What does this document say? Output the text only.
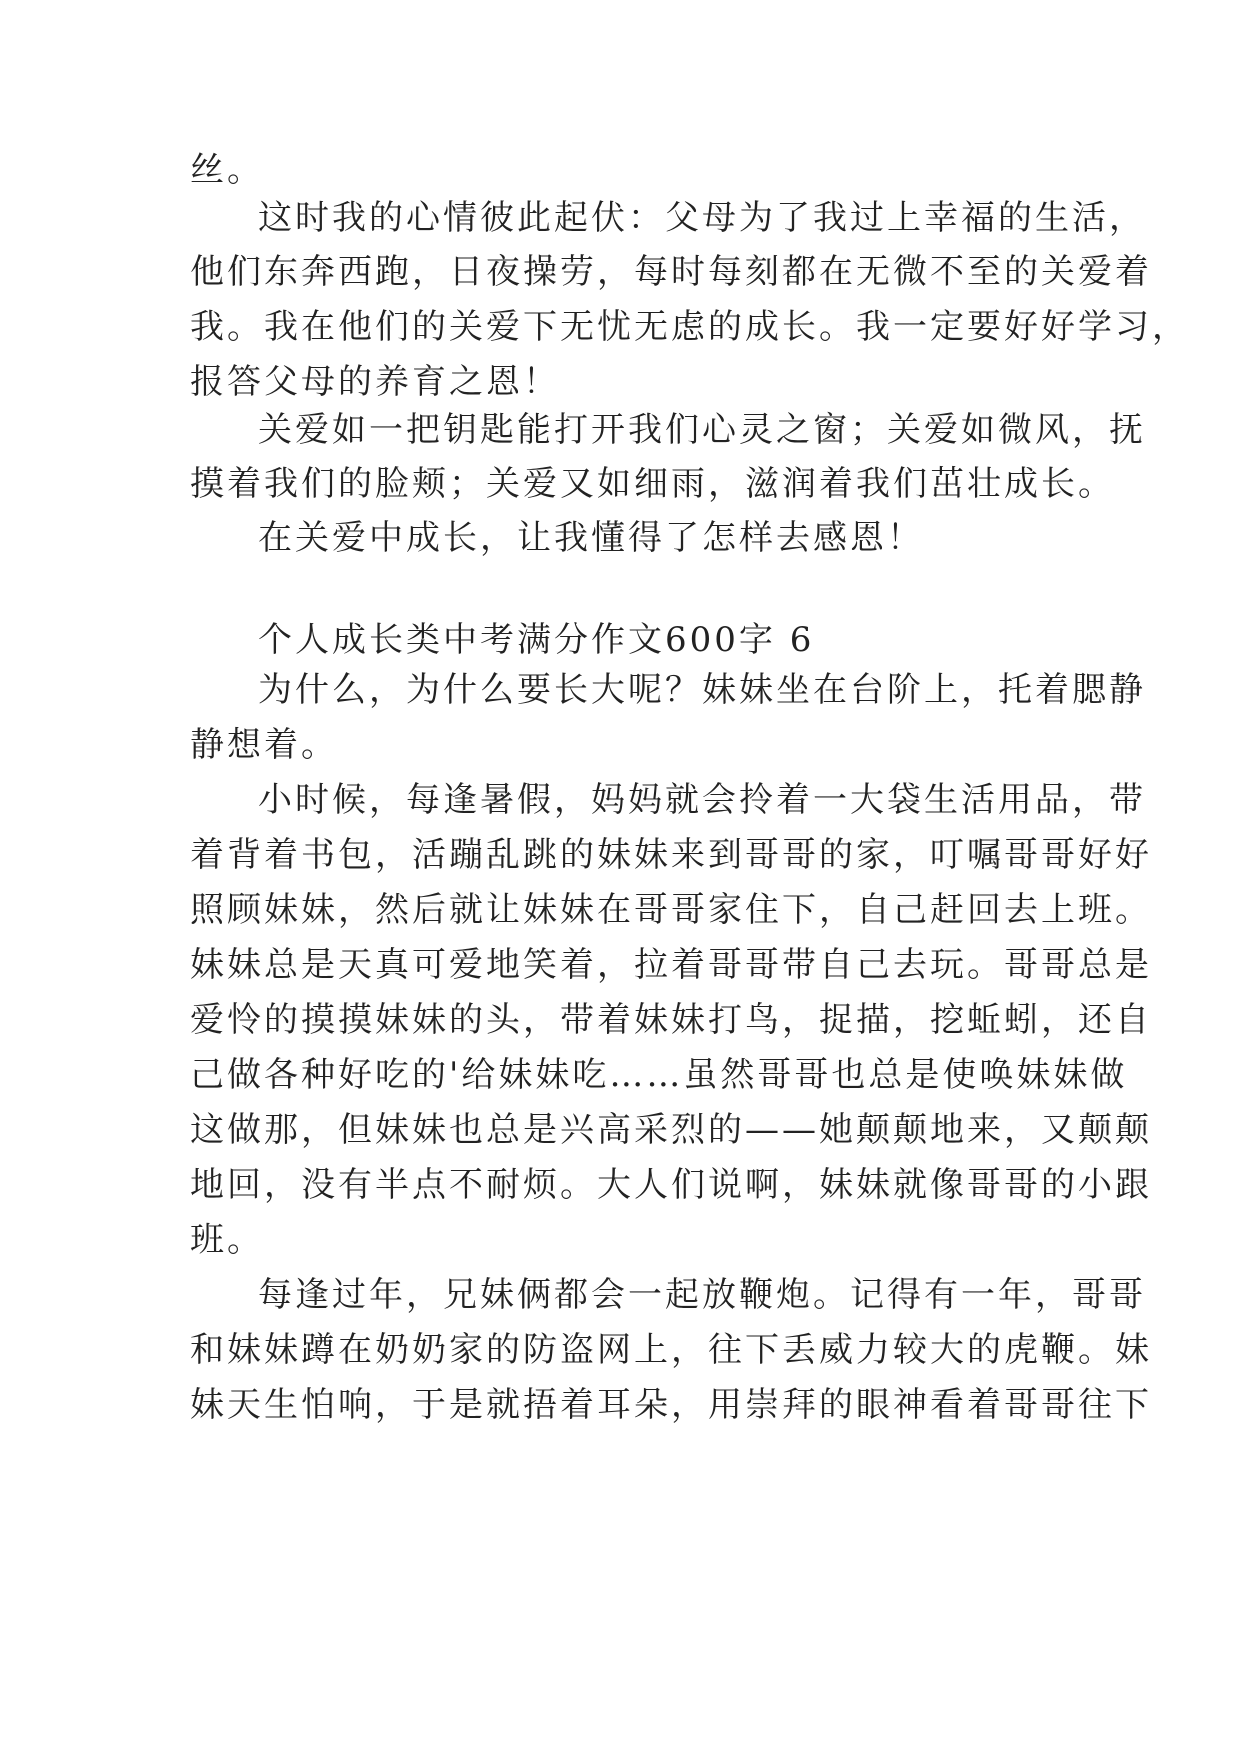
丝。
这时我的心情彼此起伏：父母为了我过上幸福的生活，
他们东奔西跑，日夜操劳，每时每刻都在无微不至的关爱着
我。我在他们的关爱下无忧无虑的成长。我一定要好好学习，
报答父母的养育之恩！
关爱如一把钥匙能打开我们心灵之窗；关爱如微风，抚
摸着我们的脸颊；关爱又如细雨，滋润着我们茁壮成长。
在关爱中成长，让我懂得了怎样去感恩！
个人成长类中考满分作文600字 6
为什么，为什么要长大呢？妹妹坐在台阶上，托着腮静
静想着。
小时候，每逢暑假，妈妈就会拎着一大袋生活用品，带
着背着书包，活蹦乱跳的妹妹来到哥哥的家，叮嘱哥哥好好
照顾妹妹，然后就让妹妹在哥哥家住下，自己赶回去上班。
妹妹总是天真可爱地笑着，拉着哥哥带自己去玩。哥哥总是
爱怜的摸摸妹妹的头，带着妹妹打鸟，捉描，挖蚯蚓，还自
己做各种好吃的'给妹妹吃……虽然哥哥也总是使唤妹妹做
这做那，但妹妹也总是兴高采烈的——她颠颠地来，又颠颠
地回，没有半点不耐烦。大人们说啊，妹妹就像哥哥的小跟
班。
每逢过年，兄妹俩都会一起放鞭炮。记得有一年，哥哥
和妹妹蹲在奶奶家的防盗网上，往下丢威力较大的虎鞭。妹
妹天生怕响，于是就捂着耳朵，用崇拜的眼神看着哥哥往下
